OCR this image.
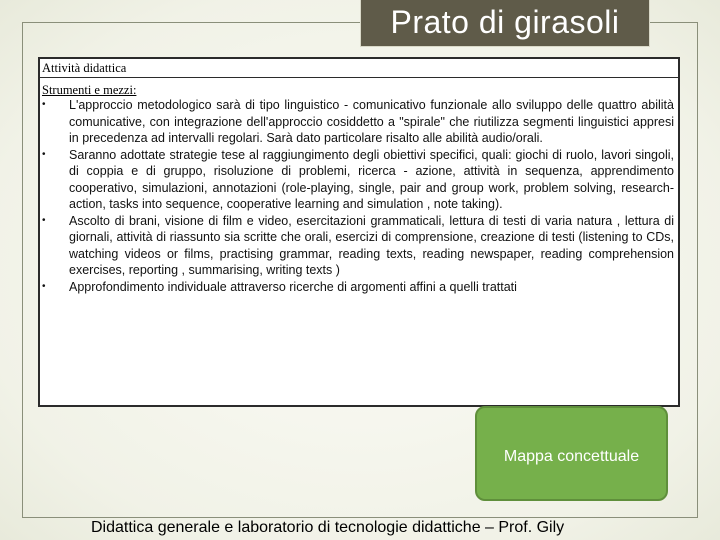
Prato di girasoli
Attività didattica
Strumenti e mezzi:
•	L'approccio metodologico sarà di tipo linguistico - comunicativo funzionale allo sviluppo delle quattro abilità comunicative, con integrazione dell'approccio cosiddetto a "spirale" che riutilizza segmenti linguistici appresi in precedenza ad intervalli regolari. Sarà dato particolare risalto alle abilità audio/orali.
•	Saranno adottate strategie tese al raggiungimento degli obiettivi specifici, quali: giochi di ruolo, lavori singoli, di coppia e di gruppo, risoluzione di problemi, ricerca - azione, attività in sequenza, apprendimento cooperativo, simulazioni, annotazioni (role-playing, single, pair and group work, problem solving, research-action, tasks into sequence, cooperative learning and simulation , note taking).
•	Ascolto di brani, visione di film e video, esercitazioni grammaticali, lettura di testi di varia natura , lettura di giornali, attività di riassunto sia scritte che orali, esercizi di comprensione, creazione di testi (listening to CDs, watching videos or films, practising grammar, reading texts, reading newspaper, reading comprehension exercises, reporting , summarising, writing texts )
•	Approfondimento individuale attraverso ricerche di argomenti affini a quelli trattati
Mappa concettuale
Didattica generale e laboratorio di tecnologie didattiche – Prof. Gily
